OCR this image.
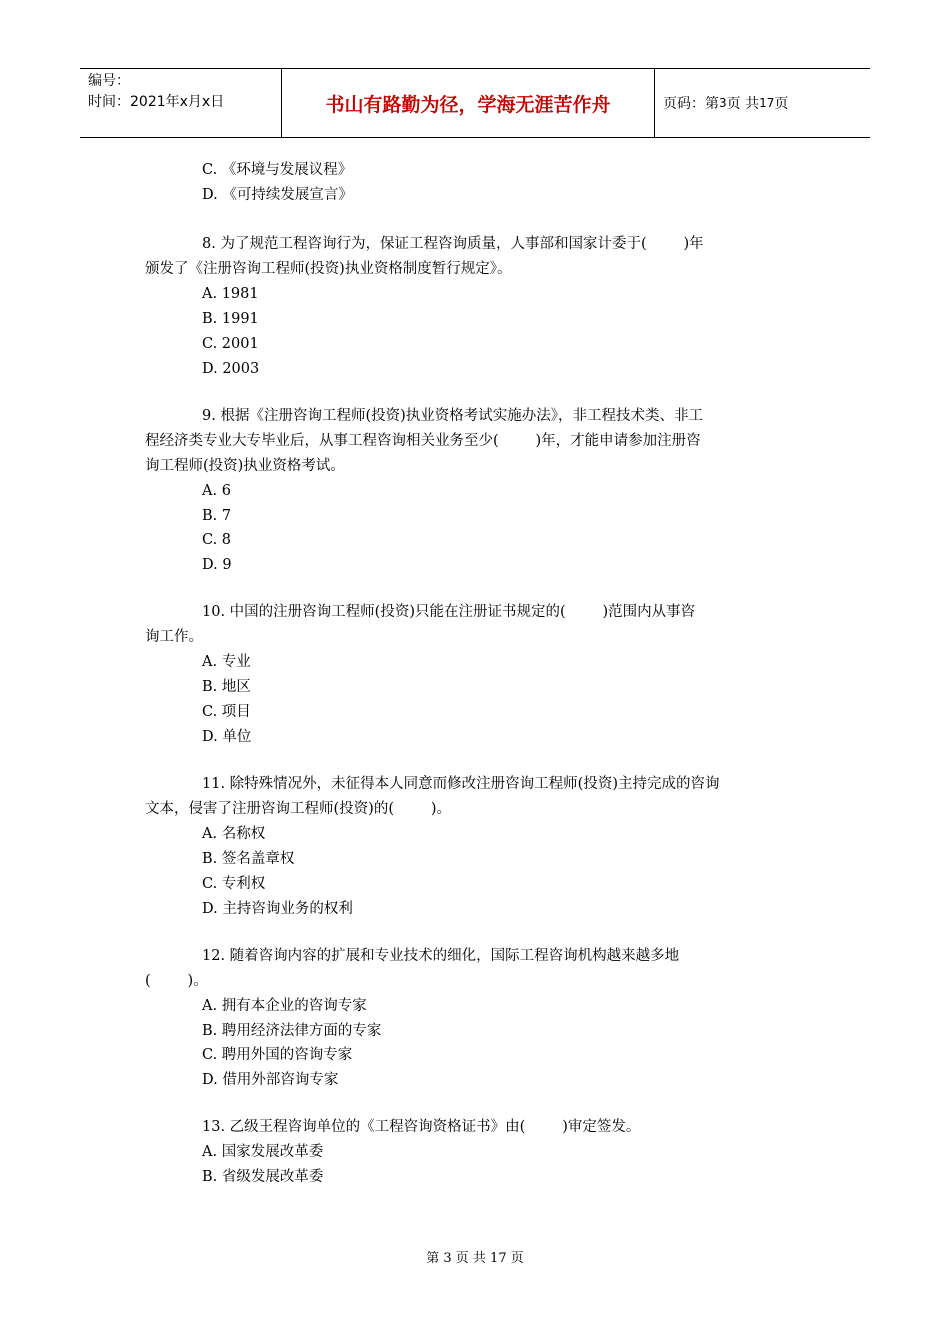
编号：
时间：2021年x月x日	书山有路勤为径，学海无涯苦作舟	页码：第 3 页 共 17 页
C. 《环境与发展议程》
D. 《可持续发展宣言》
8. 为了规范工程咨询行为，保证工程咨询质量，人事部和国家计委于(        )年
颁发了《注册咨询工程师(投资)执业资格制度暂行规定》。
A. 1981
B. 1991
C. 2001
D. 2003
9. 根据《注册咨询工程师(投资)执业资格考试实施办法》，非工程技术类、非工
程经济类专业大专毕业后，从事工程咨询相关业务至少(        )年，才能申请参加注册咨
询工程师(投资)执业资格考试。
A. 6
B. 7
C. 8
D. 9
10. 中国的注册咨询工程师(投资)只能在注册证书规定的(        )范围内从事咨
询工作。
A. 专业
B. 地区
C. 项目
D. 单位
11. 除特殊情况外，未征得本人同意而修改注册咨询工程师(投资)主持完成的咨询
文本，侵害了注册咨询工程师(投资)的(        )。
A. 名称权
B. 签名盖章权
C. 专利权
D. 主持咨询业务的权利
12. 随着咨询内容的扩展和专业技术的细化，国际工程咨询机构越来越多地
(        )。
A. 拥有本企业的咨询专家
B. 聘用经济法律方面的专家
C. 聘用外国的咨询专家
D. 借用外部咨询专家
13. 乙级王程咨询单位的《工程咨询资格证书》由(        )审定签发。
A. 国家发展改革委
B. 省级发展改革委
第 3 页 共 17 页
